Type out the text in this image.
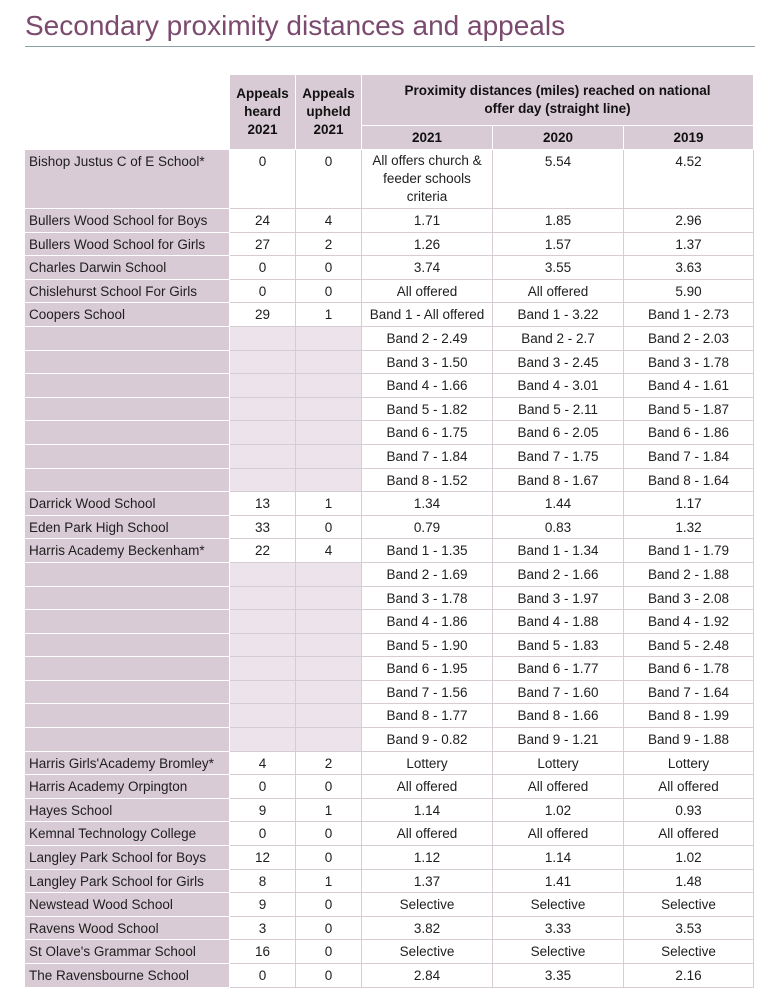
Secondary proximity distances and appeals
	Appeals heard 2021	Appeals upheld 2021	Proximity distances (miles) reached on national offer day (straight line)		
			2021	2020	2019
Bishop Justus C of E School*	0	0	All offers church & feeder schools criteria	5.54	4.52
Bullers Wood School for Boys	24	4	1.71	1.85	2.96
Bullers Wood School for Girls	27	2	1.26	1.57	1.37
Charles Darwin School	0	0	3.74	3.55	3.63
Chislehurst School For Girls	0	0	All offered	All offered	5.90
Coopers School	29	1	Band 1 - All offered	Band 1 - 3.22	Band 1 - 2.73
			Band 2 - 2.49	Band 2 - 2.7	Band 2 - 2.03
			Band 3 - 1.50	Band 3 - 2.45	Band 3 - 1.78
			Band 4 - 1.66	Band 4 - 3.01	Band 4 - 1.61
			Band 5 - 1.82	Band 5 - 2.11	Band 5 - 1.87
			Band 6 - 1.75	Band 6 - 2.05	Band 6 - 1.86
			Band 7 - 1.84	Band 7 - 1.75	Band 7 - 1.84
			Band 8 - 1.52	Band 8 - 1.67	Band 8 - 1.64
Darrick Wood School	13	1	1.34	1.44	1.17
Eden Park High School	33	0	0.79	0.83	1.32
Harris Academy Beckenham*	22	4	Band 1 - 1.35	Band 1 - 1.34	Band 1 - 1.79
			Band 2 - 1.69	Band 2 - 1.66	Band 2 - 1.88
			Band 3 - 1.78	Band 3 - 1.97	Band 3 - 2.08
			Band 4 - 1.86	Band 4 - 1.88	Band 4 - 1.92
			Band 5 - 1.90	Band 5 - 1.83	Band 5 - 2.48
			Band 6 - 1.95	Band 6 - 1.77	Band 6 - 1.78
			Band 7 - 1.56	Band 7 - 1.60	Band 7 - 1.64
			Band 8 - 1.77	Band 8 - 1.66	Band 8 - 1.99
			Band 9 - 0.82	Band 9 - 1.21	Band 9 - 1.88
Harris Girls'Academy Bromley*	4	2	Lottery	Lottery	Lottery
Harris Academy Orpington	0	0	All offered	All offered	All offered
Hayes School	9	1	1.14	1.02	0.93
Kemnal Technology College	0	0	All offered	All offered	All offered
Langley Park School for Boys	12	0	1.12	1.14	1.02
Langley Park School for Girls	8	1	1.37	1.41	1.48
Newstead Wood School	9	0	Selective	Selective	Selective
Ravens Wood School	3	0	3.82	3.33	3.53
St Olave's Grammar School	16	0	Selective	Selective	Selective
The Ravensbourne School	0	0	2.84	3.35	2.16
